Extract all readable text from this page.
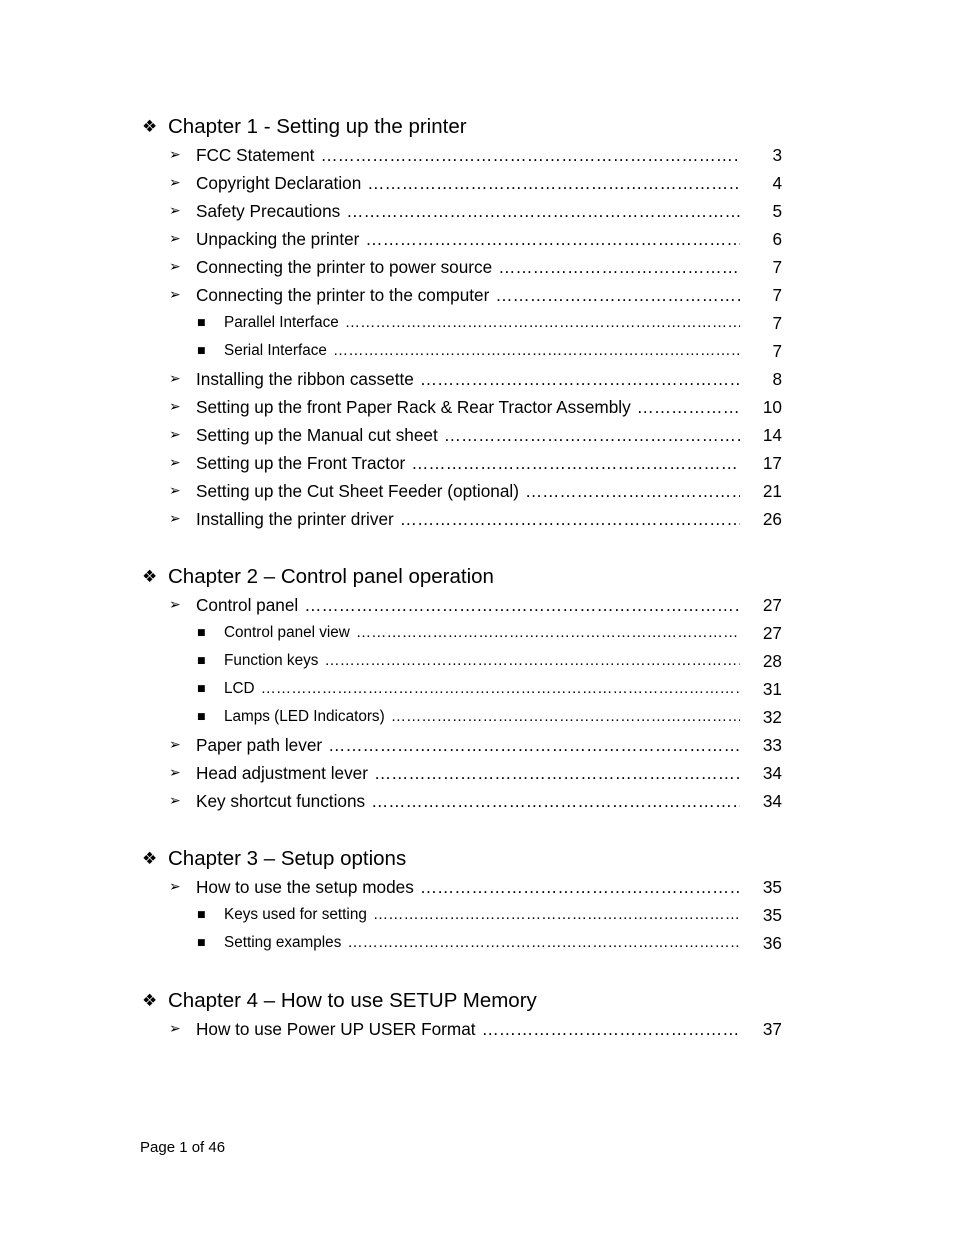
❖ Chapter 1 - Setting up the printer
➢ FCC Statement ………………………………………………………………………………………………………………………………………	3
➢ Copyright Declaration ………………………………………………………………………………………………………………………………………	4
➢ Safety Precautions ………………………………………………………………………………………………………………………………………	5
➢ Unpacking the printer ………………………………………………………………………………………………………………………………………	6
➢ Connecting the printer to power source ………………………………………………………………………………………………………………………………………	7
➢ Connecting the printer to the computer ………………………………………………………………………………………………………………………………………	7
■	Parallel Interface ………………………………………………………………………………………………………………………………………	7
■	Serial Interface ………………………………………………………………………………………………………………………………………	7
➢ Installing the ribbon cassette ………………………………………………………………………………………………………………………………………	8
➢ Setting up the front Paper Rack & Rear Tractor Assembly ………………………………………………………………………………………………………………………………………	10
➢ Setting up the Manual cut sheet ………………………………………………………………………………………………………………………………………	14
➢ Setting up the Front Tractor ………………………………………………………………………………………………………………………………………	17
➢ Setting up the Cut Sheet Feeder (optional) ………………………………………………………………………………………………………………………………………	21
➢ Installing the printer driver ………………………………………………………………………………………………………………………………………	26
❖ Chapter 2 – Control panel operation
➢ Control panel ………………………………………………………………………………………………………………………………………	27
■	Control panel view ………………………………………………………………………………………………………………………………………	27
■	Function keys ………………………………………………………………………………………………………………………………………	28
■	LCD ………………………………………………………………………………………………………………………………………	31
■	Lamps (LED Indicators) ………………………………………………………………………………………………………………………………………	32
➢ Paper path lever ………………………………………………………………………………………………………………………………………	33
➢ Head adjustment lever ………………………………………………………………………………………………………………………………………	34
➢ Key shortcut functions ………………………………………………………………………………………………………………………………………	34
❖ Chapter 3 – Setup options
➢ How to use the setup modes ………………………………………………………………………………………………………………………………………	35
■	Keys used for setting ………………………………………………………………………………………………………………………………………	35
■	Setting examples ………………………………………………………………………………………………………………………………………	36
❖ Chapter 4 – How to use SETUP Memory
➢ How to use Power UP USER Format ………………………………………………………………………………………………………………………………………	37
Page 1 of 46
